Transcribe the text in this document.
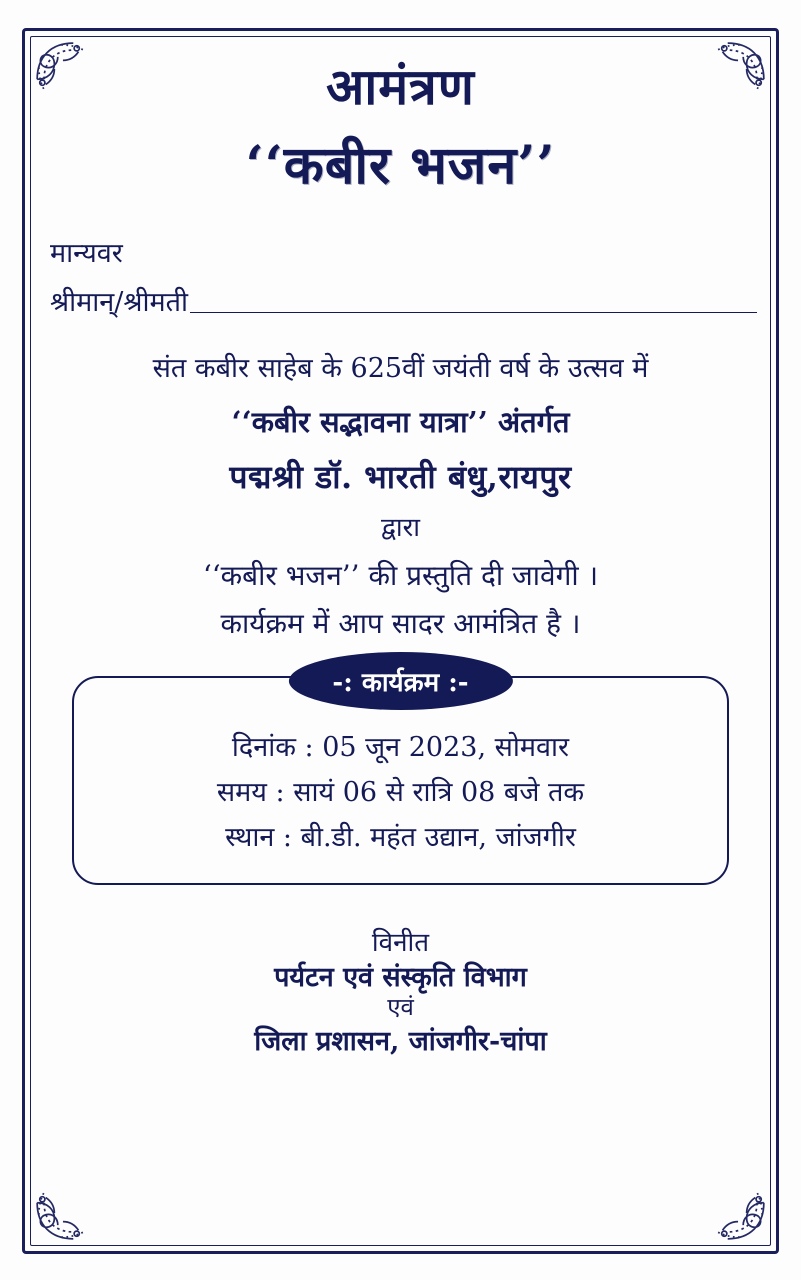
आमंत्रण
‘‘कबीर भजन’’
मान्यवर
श्रीमान्/श्रीमती
संत कबीर साहेब के 625वीं जयंती वर्ष के उत्सव में
‘‘कबीर सद्भावना यात्रा’’ अंतर्गत
पद्मश्री डॉ. भारती बंधु,रायपुर
द्वारा
‘‘कबीर भजन’’ की प्रस्तुति दी जावेगी ।
कार्यक्रम में आप सादर आमंत्रित है ।
-: कार्यक्रम :-
दिनांक : 05 जून 2023, सोमवार
समय : सायं 06 से रात्रि 08 बजे तक
स्थान : बी.डी. महंत उद्यान, जांजगीर
विनीत
पर्यटन एवं संस्कृति विभाग
एवं
जिला प्रशासन, जांजगीर-चांपा
